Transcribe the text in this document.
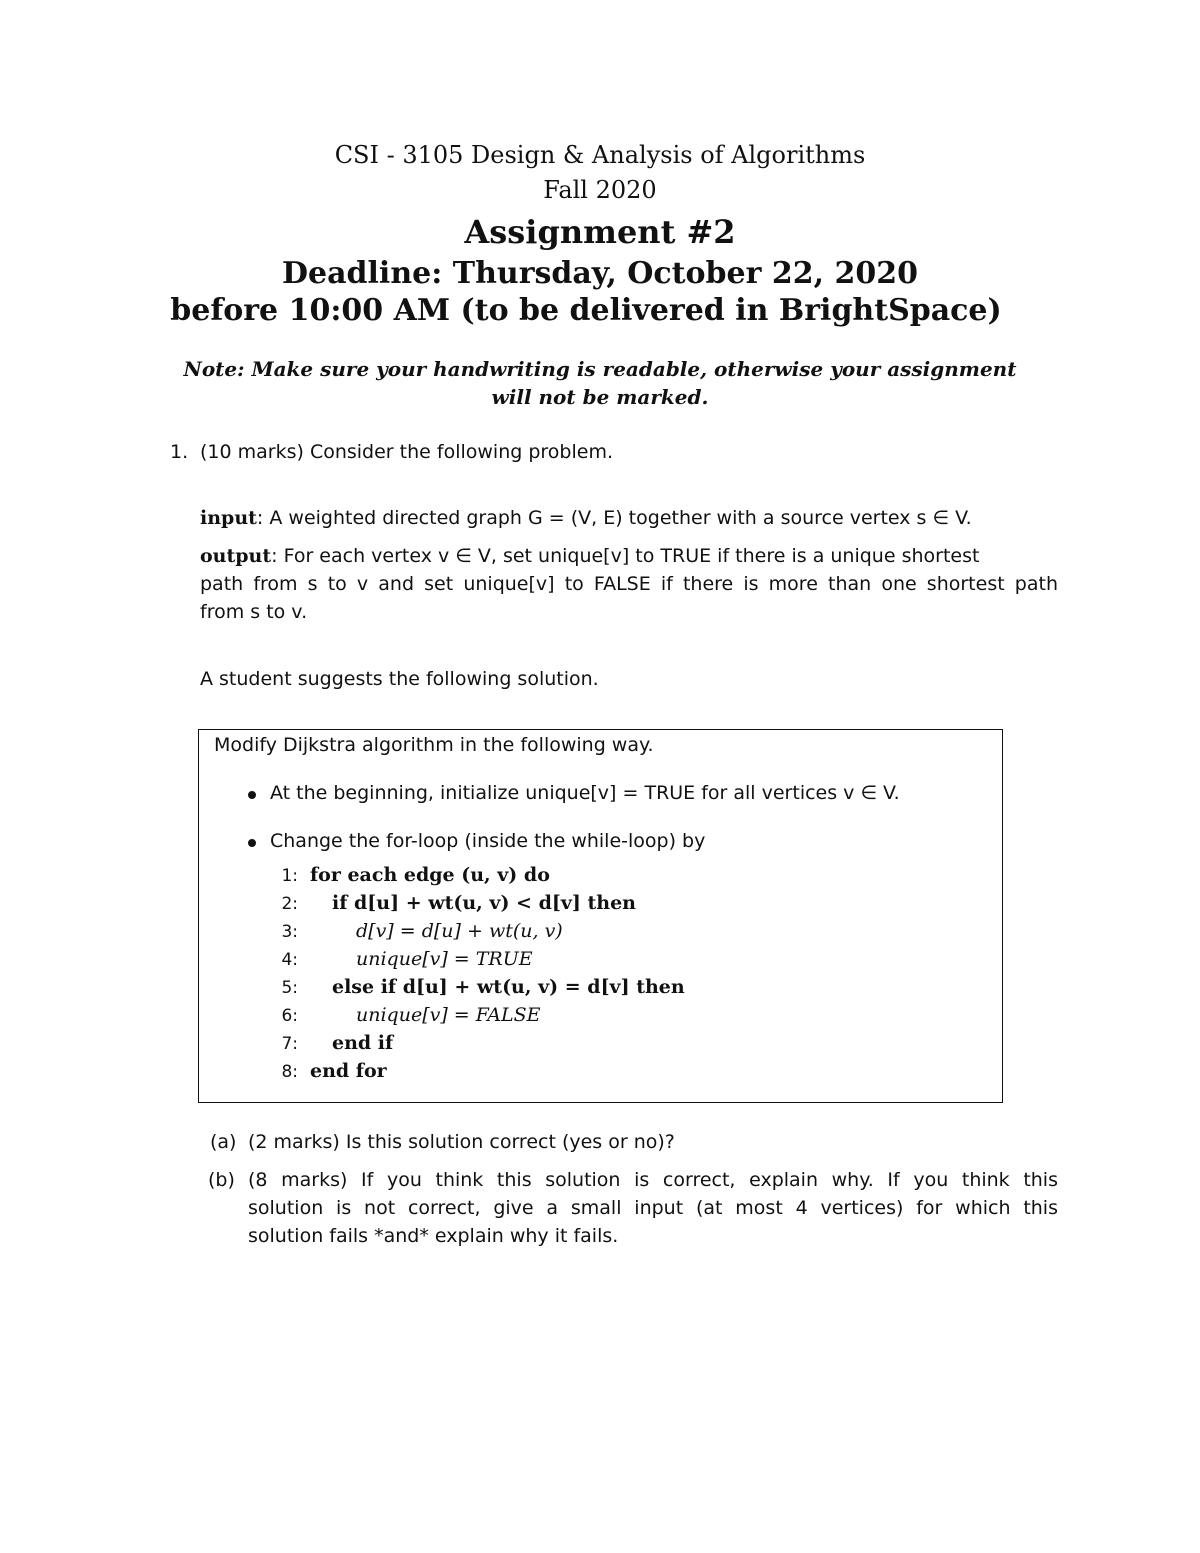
CSI - 3105 Design & Analysis of Algorithms
Fall 2020
Assignment #2
Deadline: Thursday, October 22, 2020
before 10:00 AM (to be delivered in BrightSpace)
Note: Make sure your handwriting is readable, otherwise your assignment
will not be marked.
1. (10 marks) Consider the following problem.
input: A weighted directed graph G = (V, E) together with a source vertex s ∈ V.
output: For each vertex v ∈ V, set unique[v] to TRUE if there is a unique shortest
path from s to v and set unique[v] to FALSE if there is more than one shortest path
from s to v.
A student suggests the following solution.
Modify Dijkstra algorithm in the following way.
At the beginning, initialize unique[v] = TRUE for all vertices v ∈ V.
Change the for-loop (inside the while-loop) by
1: for each edge (u, v) do
2: if d[u] + wt(u, v) < d[v] then
3:	d[v] = d[u] + wt(u, v)
4:	unique[v] = TRUE
5: else if d[u] + wt(u, v) = d[v] then
6:	unique[v] = FALSE
7: end if
8: end for
(a) (2 marks) Is this solution correct (yes or no)?
(b) (8 marks) If you think this solution is correct, explain why. If you think this
solution is not correct, give a small input (at most 4 vertices) for which this
solution fails *and* explain why it fails.
